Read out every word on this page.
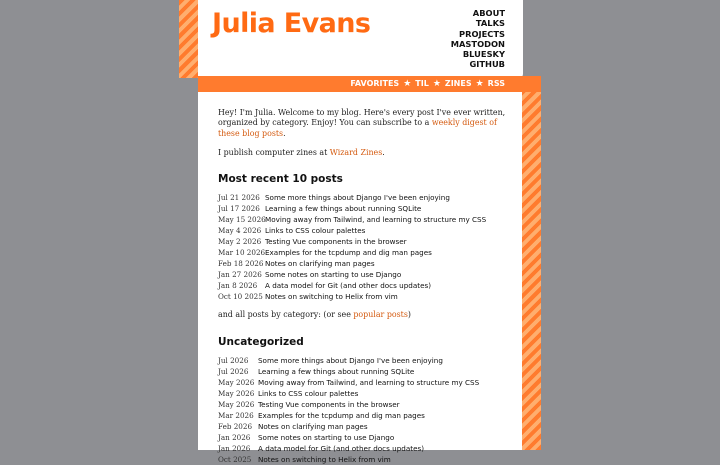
Julia Evans	ABOUT
TALKS
PROJECTS
MASTODON
BLUESKY
GITHUB
FAVORITES ★ TIL ★ ZINES ★ RSS

Hey! I'm Julia. Welcome to my blog. Here's every post I've ever written, organized by category. Enjoy! You can subscribe to a weekly digest of these blog posts.

I publish computer zines at Wizard Zines.

Most recent 10 posts
Jul 21 2026 Some more things about Django I've been enjoying
Jul 17 2026 Learning a few things about running SQLite
May 15 2026 Moving away from Tailwind, and learning to structure my CSS
May 4 2026 Links to CSS colour palettes
May 2 2026 Testing Vue components in the browser
Mar 10 2026 Examples for the tcpdump and dig man pages
Feb 18 2026 Notes on clarifying man pages
Jan 27 2026 Some notes on starting to use Django
Jan 8 2026	A data model for Git (and other docs updates)
Oct 10 2025 Notes on switching to Helix from vim

and all posts by category: (or see popular posts)

Uncategorized
Jul 2026	Some more things about Django I've been enjoying
Jul 2026	Learning a few things about running SQLite
May 2026 Moving away from Tailwind, and learning to structure my CSS
May 2026 Links to CSS colour palettes
May 2026 Testing Vue components in the browser
Mar 2026 Examples for the tcpdump and dig man pages
Feb 2026 Notes on clarifying man pages
Jan 2026	Some notes on starting to use Django
Jan 2026	A data model for Git (and other docs updates)
Oct 2025 Notes on switching to Helix from vim
